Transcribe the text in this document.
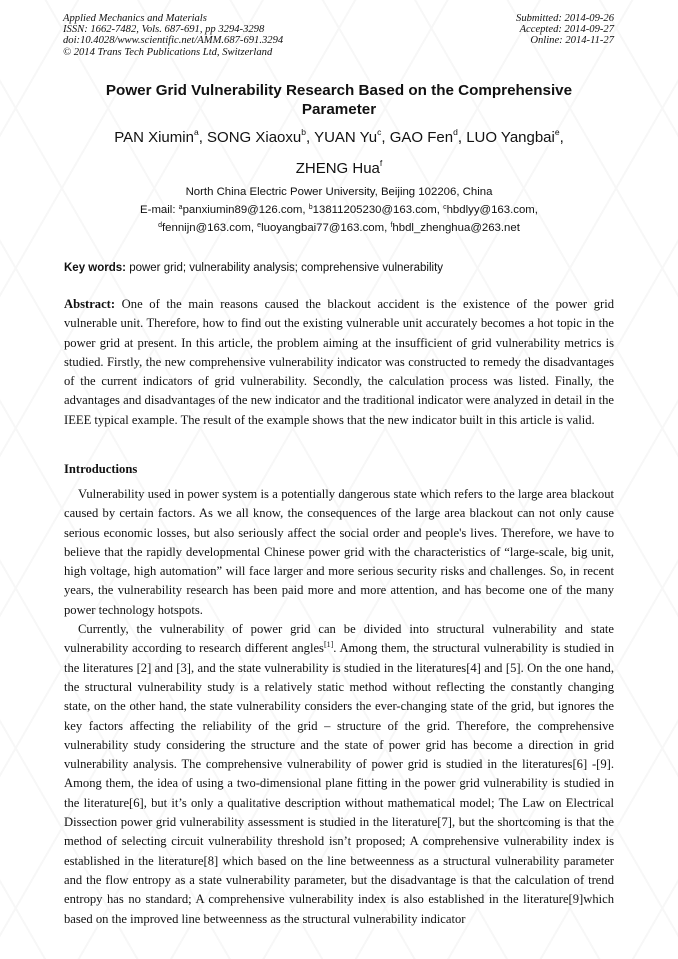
Applied Mechanics and Materials
ISSN: 1662-7482, Vols. 687-691, pp 3294-3298
doi:10.4028/www.scientific.net/AMM.687-691.3294
© 2014 Trans Tech Publications Ltd, Switzerland
Submitted: 2014-09-26
Accepted: 2014-09-27
Online: 2014-11-27
Power Grid Vulnerability Research Based on the Comprehensive
Parameter
PAN Xiumin$^a$, SONG Xiaoxu$^b$, YUAN Yu$^c$, GAO Fen$^d$, LUO Yangbai$^e$,
ZHENG Hua$^f$
North China Electric Power University, Beijing 102206, China
E-mail: $^a$panxiumin89@126.com, $^b$13811205230@163.com, $^c$hbdlyy@163.com,
$^d$fennijn@163.com, $^e$luoyangbai77@163.com, $^f$hbdl_zhenghua@263.net
Key words: power grid; vulnerability analysis; comprehensive vulnerability
Abstract: One of the main reasons caused the blackout accident is the existence of the power grid vulnerable unit. Therefore, how to find out the existing vulnerable unit accurately becomes a hot topic in the power grid at present. In this article, the problem aiming at the insufficient of grid vulnerability metrics is studied. Firstly, the new comprehensive vulnerability indicator was constructed to remedy the disadvantages of the current indicators of grid vulnerability. Secondly, the calculation process was listed. Finally, the advantages and disadvantages of the new indicator and the traditional indicator were analyzed in detail in the IEEE typical example. The result of the example shows that the new indicator built in this article is valid.
Introductions

Vulnerability used in power system is a potentially dangerous state which refers to the large area blackout caused by certain factors. As we all know, the consequences of the large area blackout can not only cause serious economic losses, but also seriously affect the social order and people's lives. Therefore, we have to believe that the rapidly developmental Chinese power grid with the characteristics of “large-scale, big unit, high voltage, high automation” will face larger and more serious security risks and challenges. So, in recent years, the vulnerability research has been paid more and more attention, and has become one of the many power technology hotspots.

Currently, the vulnerability of power grid can be divided into structural vulnerability and state vulnerability according to research different angles[1]. Among them, the structural vulnerability is studied in the literatures [2] and [3], and the state vulnerability is studied in the literatures[4] and [5]. On the one hand, the structural vulnerability study is a relatively static method without reflecting the constantly changing state, on the other hand, the state vulnerability considers the ever-changing state of the grid, but ignores the key factors affecting the reliability of the grid – structure of the grid. Therefore, the comprehensive vulnerability study considering the structure and the state of power grid has become a direction in grid vulnerability analysis. The comprehensive vulnerability of power grid is studied in the literatures[6] -[9]. Among them, the idea of using a two-dimensional plane fitting in the power grid vulnerability is studied in the literature[6], but it’s only a qualitative description without mathematical model; The Law on Electrical Dissection power grid vulnerability assessment is studied in the literature[7], but the shortcoming is that the method of selecting circuit vulnerability threshold isn’t proposed; A comprehensive vulnerability index is established in the literature[8] which based on the line betweenness as a structural vulnerability parameter and the flow entropy as a state vulnerability parameter, but the disadvantage is that the calculation of trend entropy has no standard; A comprehensive vulnerability index is also established in the literature[9]which based on the improved line betweenness as the structural vulnerability indicator
